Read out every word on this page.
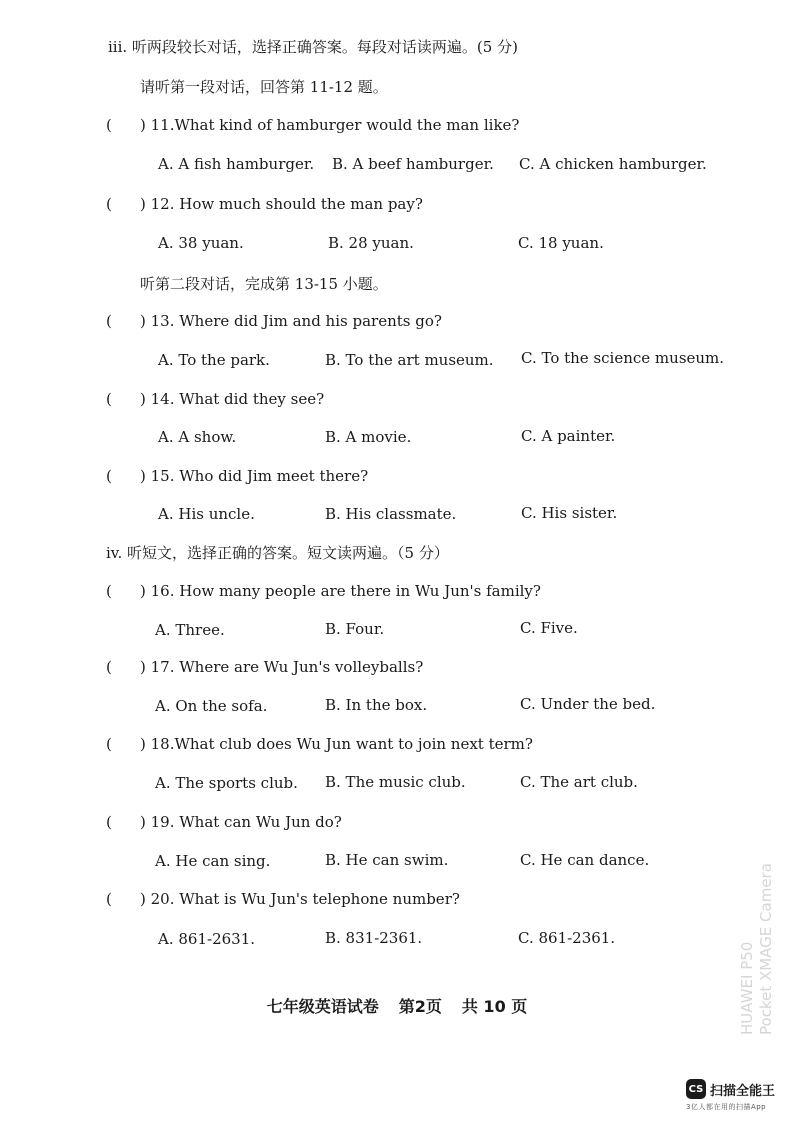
iii. 听两段较长对话，选择正确答案。每段对话读两遍。(5 分)
请听第一段对话，回答第 11-12 题。
( ) 11.What kind of hamburger would the man like?
A. A fish hamburger. B. A beef hamburger. C. A chicken hamburger.
( ) 12. How much should the man pay?
A. 38 yuan.	B. 28 yuan.	C. 18 yuan.
听第二段对话，完成第 13-15 小题。
( ) 13. Where did Jim and his parents go?
A. To the park.	B. To the art museum. C. To the science museum.
( ) 14. What did they see?
A. A show.	B. A movie.	C. A painter.
( ) 15. Who did Jim meet there?
A. His uncle.	B. His classmate.	C. His sister.
iv. 听短文，选择正确的答案。短文读两遍。（5 分）
( ) 16. How many people are there in Wu Jun's family?
A. Three.	B. Four.	C. Five.
( ) 17. Where are Wu Jun's volleyballs?
A. On the sofa.	B. In the box.	C. Under the bed.
( ) 18.What club does Wu Jun want to join next term?
A. The sports club. B. The music club.	C. The art club.
( ) 19. What can Wu Jun do?
A. He can sing.	B. He can swim.	C. He can dance.
( ) 20. What is Wu Jun's telephone number?
A. 861-2631.	B. 831-2361.	C. 861-2361.
七年级英语试卷 第2页 共 10 页	HUAWEI P50 Pocket XMAGE Camera
CS 扫描全能王
3亿人都在用的扫描App
